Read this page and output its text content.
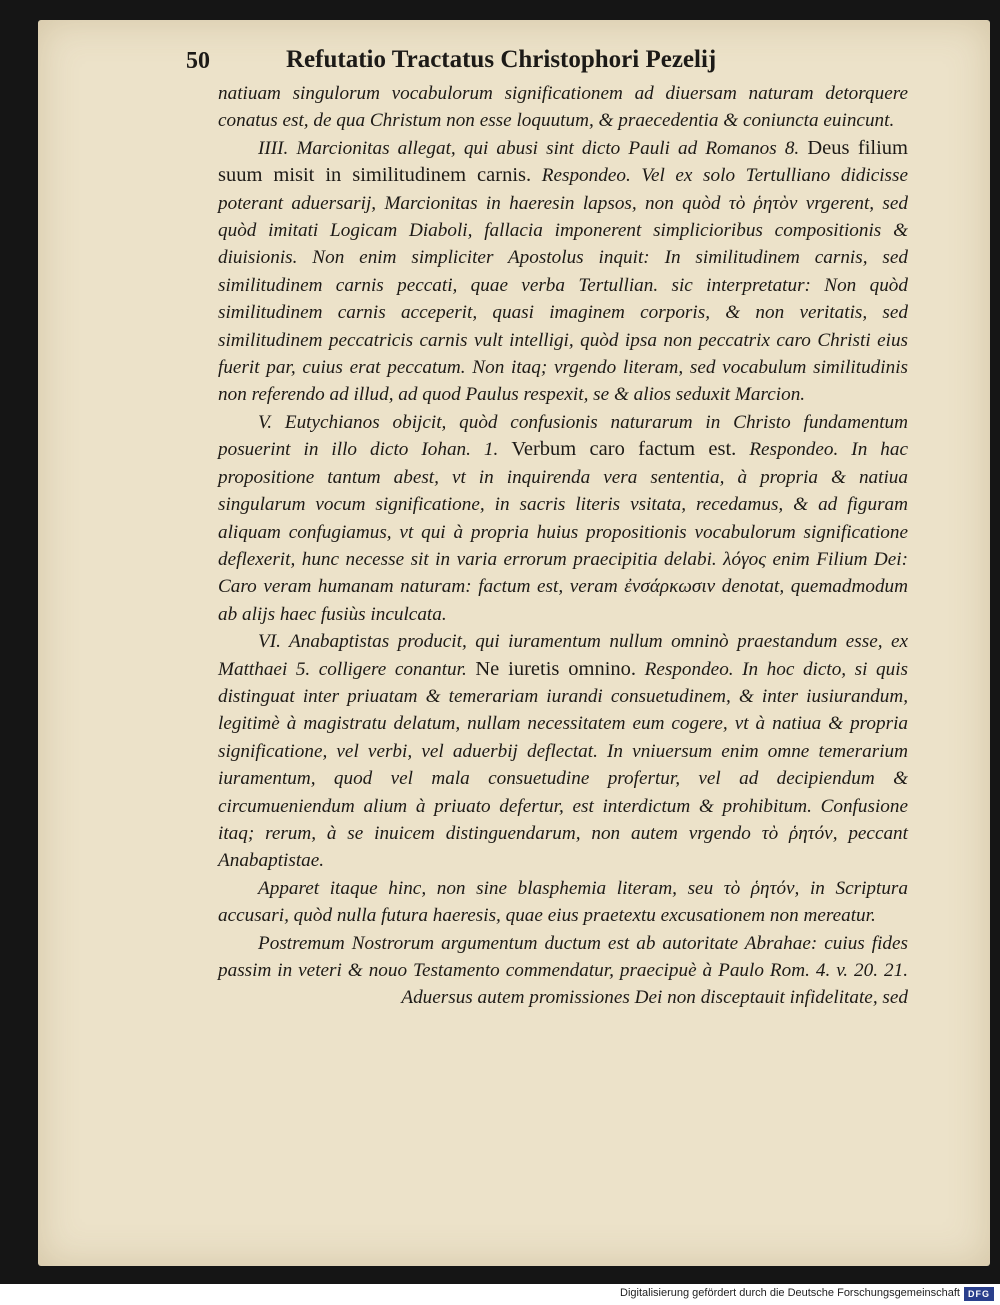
50	Refutatio Tractatus Christophori Pezelij

natiuam singulorum vocabulorum significationem ad diuersam naturam detorquere conatus est, de qua Christum non esse loquutum, & praecedentia & coniuncta euincunt.

IIII. Marcionitas allegat, qui abusi sint dicto Pauli ad Romanos 8. Deus filium suum misit in similitudinem carnis. Respondeo. Vel ex solo Tertulliano didicisse poterant aduersarij, Marcionitas in haeresin lapsos, non quòd τὸ ῥητὸν vrgerent, sed quòd imitati Logicam Diaboli, fallacia imponerent simplicioribus compositionis & diuisionis. Non enim simpliciter Apostolus inquit: In similitudinem carnis, sed similitudinem carnis peccati, quae verba Tertullian. sic interpretatur: Non quòd similitudinem carnis acceperit, quasi imaginem corporis, & non veritatis, sed similitudinem peccatricis carnis vult intelligi, quòd ipsa non peccatrix caro Christi eius fuerit par, cuius erat peccatum. Non itaq; vrgendo literam, sed vocabulum similitudinis non referendo ad illud, ad quod Paulus respexit, se & alios seduxit Marcion.

V. Eutychianos obijcit, quòd confusionis naturarum in Christo fundamentum posuerint in illo dicto Iohan. 1. Verbum caro factum est. Respondeo. In hac propositione tantum abest, vt in inquirenda vera sententia, à propria & natiua singularum vocum significatione, in sacris literis vsitata, recedamus, & ad figuram aliquam confugiamus, vt qui à propria huius propositionis vocabulorum significatione deflexerit, hunc necesse sit in varia errorum praecipitia delabi. λόγος enim Filium Dei: Caro veram humanam naturam: factum est, veram ἐνσάρκωσιν denotat, quemadmodum ab alijs haec fusiùs inculcata.

VI. Anabaptistas producit, qui iuramentum nullum omninò praestandum esse, ex Matthaei 5. colligere conantur. Ne iuretis omnino. Respondeo. In hoc dicto, si quis distinguat inter priuatam & temerariam iurandi consuetudinem, & inter iusiurandum, legitimè à magistratu delatum, nullam necessitatem eum cogere, vt à natiua & propria significatione, vel verbi, vel aduerbij deflectat. In vniuersum enim omne temerarium iuramentum, quod vel mala consuetudine profertur, vel ad decipiendum & circumueniendum alium à priuato defertur, est interdictum & prohibitum. Confusione itaq; rerum, à se inuicem distinguendarum, non autem vrgendo τὸ ῥητόν, peccant Anabaptistae.

Apparet itaque hinc, non sine blasphemia literam, seu τὸ ῥητόν, in Scriptura accusari, quòd nulla futura haeresis, quae eius praetextu excusationem non mereatur.

Postremum Nostrorum argumentum ductum est ab autoritate Abrahae: cuius fides passim in veteri & nouo Testamento commendatur, praecipuè à Paulo Rom. 4. v. 20. 21. Aduersus autem promissiones Dei non disceptauit infidelitate, sed

Digitalisierung gefördert durch die Deutsche Forschungsgemeinschaft DFG
